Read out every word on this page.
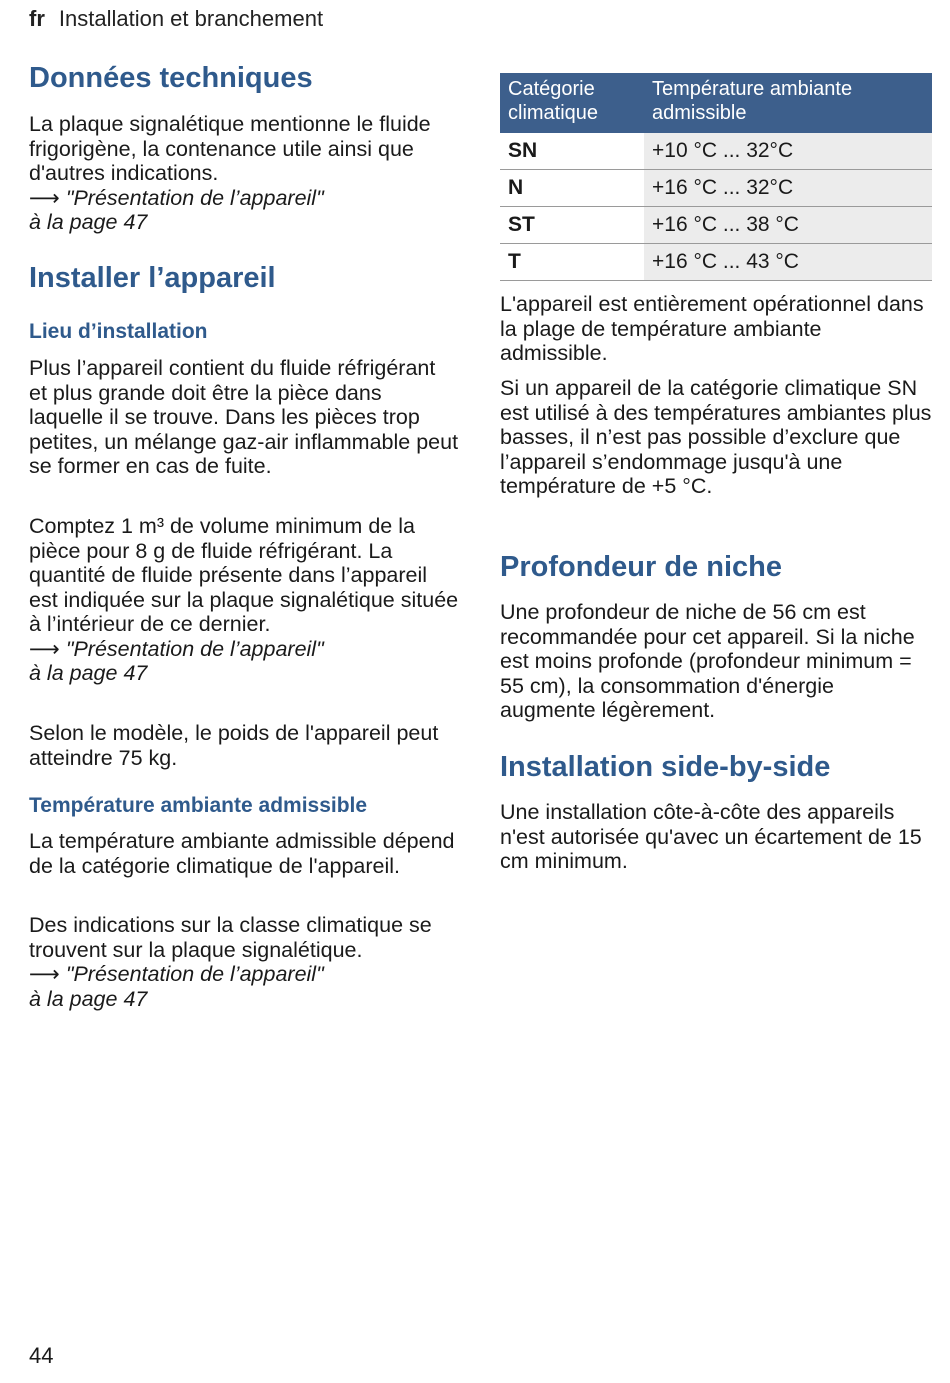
fr Installation et branchement
Données techniques

La plaque signalétique mentionne le fluide frigorigène, la contenance utile ainsi que d'autres indications.
⟶ "Présentation de l’appareil"
à la page 47

Installer l’appareil
Lieu d’installation

Plus l’appareil contient du fluide réfrigérant et plus grande doit être la pièce dans laquelle il se trouve. Dans les pièces trop petites, un mélange gaz-air inflammable peut se former en cas de fuite.

Comptez 1 m³ de volume minimum de la pièce pour 8 g de fluide réfrigérant. La quantité de fluide présente dans l’appareil est indiquée sur la plaque signalétique située à l’intérieur de ce dernier.
⟶ "Présentation de l’appareil"
à la page 47

Selon le modèle, le poids de l'appareil peut atteindre 75 kg.

Température ambiante admissible

La température ambiante admissible dépend de la catégorie climatique de l'appareil.

Des indications sur la classe climatique se trouvent sur la plaque signalétique.
⟶ "Présentation de l’appareil"
à la page 47

Catégorie climatique	Température ambiante admissible
SN	+10 °C ... 32°C
N	+16 °C ... 32°C
ST	+16 °C ... 38 °C
T	+16 °C ... 43 °C

L'appareil est entièrement opérationnel dans la plage de température ambiante admissible.

Si un appareil de la catégorie climatique SN est utilisé à des températures ambiantes plus basses, il n’est pas possible d’exclure que l’appareil s’endommage jusqu'à une température de +5 °C.

Profondeur de niche

Une profondeur de niche de 56 cm est recommandée pour cet appareil. Si la niche est moins profonde (profondeur minimum = 55 cm), la consommation d'énergie augmente légèrement.

Installation side-by-side

Une installation côte-à-côte des appareils n'est autorisée qu'avec un écartement de 15 cm minimum.

44
